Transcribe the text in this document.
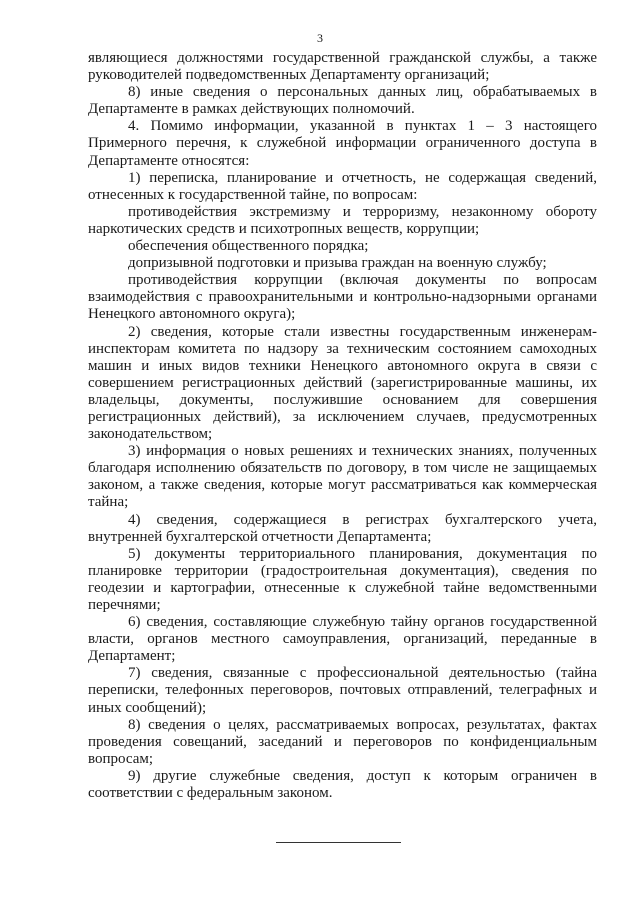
3

являющиеся должностями государственной гражданской службы, а также руководителей подведомственных Департаменту организаций;

8) иные сведения о персональных данных лиц, обрабатываемых в Департаменте в рамках действующих полномочий.

4. Помимо информации, указанной в пунктах 1 – 3 настоящего Примерного перечня, к служебной информации ограниченного доступа в Департаменте относятся:

1) переписка, планирование и отчетность, не содержащая сведений, отнесенных к государственной тайне, по вопросам:

противодействия экстремизму и терроризму, незаконному обороту наркотических средств и психотропных веществ, коррупции;

обеспечения общественного порядка;

допризывной подготовки и призыва граждан на военную службу;

противодействия коррупции (включая документы по вопросам взаимодействия с правоохранительными и контрольно-надзорными органами Ненецкого автономного округа);

2) сведения, которые стали известны государственным инженерам-инспекторам комитета по надзору за техническим состоянием самоходных машин и иных видов техники Ненецкого автономного округа в связи с совершением регистрационных действий (зарегистрированные машины, их владельцы, документы, послужившие основанием для совершения регистрационных действий), за исключением случаев, предусмотренных законодательством;

3) информация о новых решениях и технических знаниях, полученных благодаря исполнению обязательств по договору, в том числе не защищаемых законом, а также сведения, которые могут рассматриваться как коммерческая тайна;

4) сведения, содержащиеся в регистрах бухгалтерского учета, внутренней бухгалтерской отчетности Департамента;

5) документы территориального планирования, документация по планировке территории (градостроительная документация), сведения по геодезии и картографии, отнесенные к служебной тайне ведомственными перечнями;

6) сведения, составляющие служебную тайну органов государственной власти, органов местного самоуправления, организаций, переданные в Департамент;

7) сведения, связанные с профессиональной деятельностью (тайна переписки, телефонных переговоров, почтовых отправлений, телеграфных и иных сообщений);

8) сведения о целях, рассматриваемых вопросах, результатах, фактах проведения совещаний, заседаний и переговоров по конфиденциальным вопросам;

9) другие служебные сведения, доступ к которым ограничен в соответствии с федеральным законом.
